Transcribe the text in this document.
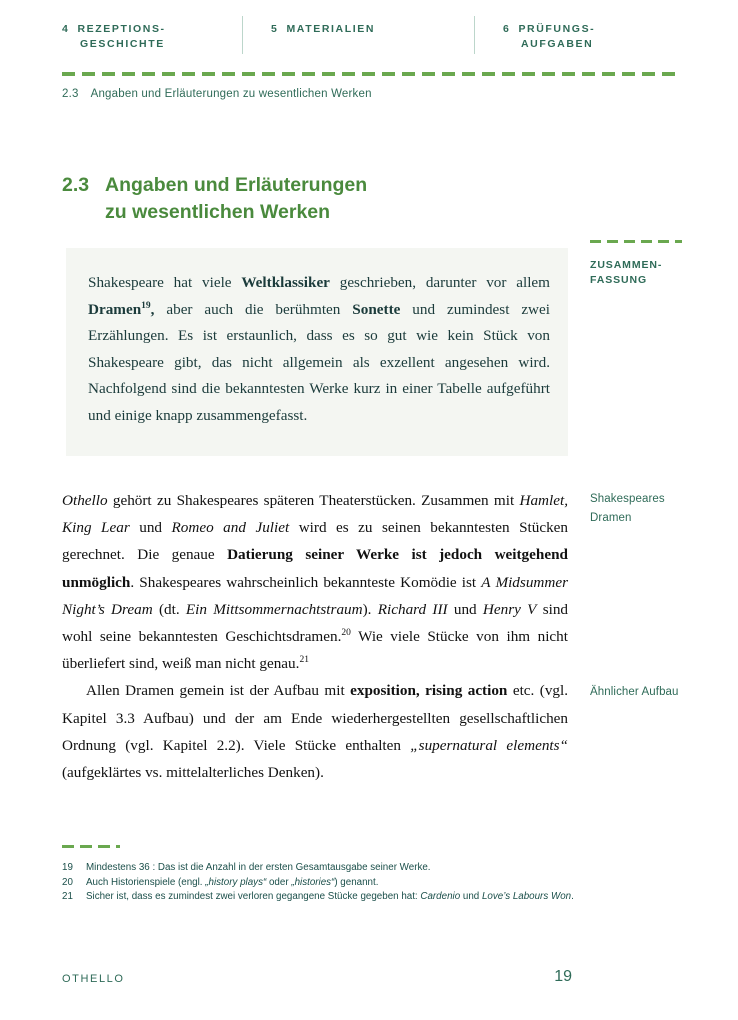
4 REZEPTIONS-
GESCHICHTE
5 MATERIALIEN	6 PRÜFUNGS-
AUFGABEN
2.3 Angaben und Erläuterungen zu wesentlichen Werken
2.3 Angaben und Erläuterungen
zu wesentlichen Werken
Shakespeare hat viele Weltklassiker geschrieben, darunter vor allem Dramen$^{19}$, aber auch die berühmten Sonette und zumindest zwei Erzählungen. Es ist erstaunlich, dass es so gut wie kein Stück von Shakespeare gibt, das nicht allgemein als exzellent angesehen wird. Nachfolgend sind die bekanntesten Werke kurz in einer Tabelle aufgeführt und einige knapp zusammengefasst.
ZUSAMMEN-
FASSUNG

Othello gehört zu Shakespeares späteren Theaterstücken. Zusammen mit Hamlet, King Lear und Romeo and Juliet wird es zu seinen bekanntesten Stücken gerechnet. Die genaue Datierung seiner Werke ist jedoch weitgehend unmöglich. Shakespeares wahrscheinlich bekannteste Komödie ist A Midsummer Night’s Dream (dt. Ein Mittsommernachtstraum). Richard III und Henry V sind wohl seine bekanntesten Geschichtsdramen.$^{20}$ Wie viele Stücke von ihm nicht überliefert sind, weiß man nicht genau.$^{21}$

Allen Dramen gemein ist der Aufbau mit exposition, rising action etc. (vgl. Kapitel 3.3 Aufbau) und der am Ende wiederhergestellten gesellschaftlichen Ordnung (vgl. Kapitel 2.2). Viele Stücke enthalten „supernatural elements“ (aufgeklärtes vs. mittelalterliches Denken).

Shakespeares
Dramen
Ähnlicher Aufbau
19 Mindestens 36 : Das ist die Anzahl in der ersten Gesamtausgabe seiner Werke.
20 Auch Historienspiele (engl. „history plays“ oder „histories“) genannt.
21 Sicher ist, dass es zumindest zwei verloren gegangene Stücke gegeben hat: Cardenio und Love’s Labours Won.
OTHELLO	19
